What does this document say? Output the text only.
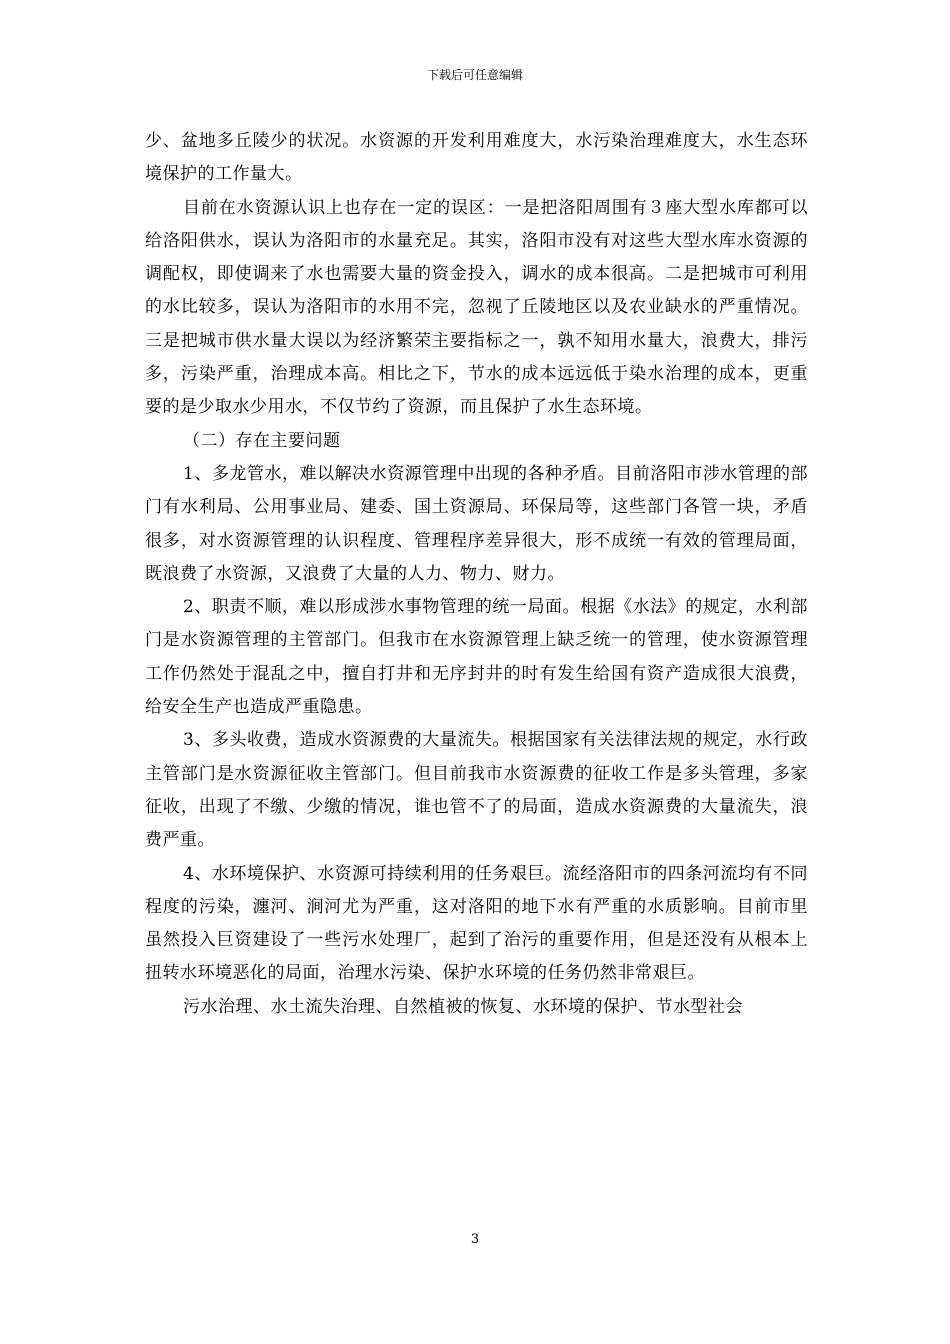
下载后可任意编辑

少、盆地多丘陵少的状况。水资源的开发利用难度大，水污染治理难度大，水生态环境保护的工作量大。

目前在水资源认识上也存在一定的误区：一是把洛阳周围有３座大型水库都可以给洛阳供水，误认为洛阳市的水量充足。其实，洛阳市没有对这些大型水库水资源的调配权，即使调来了水也需要大量的资金投入，调水的成本很高。二是把城市可利用的水比较多，误认为洛阳市的水用不完，忽视了丘陵地区以及农业缺水的严重情况。三是把城市供水量大误以为经济繁荣主要指标之一，孰不知用水量大，浪费大，排污多，污染严重，治理成本高。相比之下，节水的成本远远低于染水治理的成本，更重要的是少取水少用水，不仅节约了资源，而且保护了水生态环境。

（二）存在主要问题

1、多龙管水，难以解决水资源管理中出现的各种矛盾。目前洛阳市涉水管理的部门有水利局、公用事业局、建委、国土资源局、环保局等，这些部门各管一块，矛盾很多，对水资源管理的认识程度、管理程序差异很大，形不成统一有效的管理局面，既浪费了水资源，又浪费了大量的人力、物力、财力。

2、职责不顺，难以形成涉水事物管理的统一局面。根据《水法》的规定，水利部门是水资源管理的主管部门。但我市在水资源管理上缺乏统一的管理，使水资源管理工作仍然处于混乱之中，擅自打井和无序封井的时有发生给国有资产造成很大浪费，给安全生产也造成严重隐患。

3、多头收费，造成水资源费的大量流失。根据国家有关法律法规的规定，水行政主管部门是水资源征收主管部门。但目前我市水资源费的征收工作是多头管理，多家征收，出现了不缴、少缴的情况，谁也管不了的局面，造成水资源费的大量流失，浪费严重。

4、水环境保护、水资源可持续利用的任务艰巨。流经洛阳市的四条河流均有不同程度的污染，瀍河、涧河尤为严重，这对洛阳的地下水有严重的水质影响。目前市里虽然投入巨资建设了一些污水处理厂，起到了治污的重要作用，但是还没有从根本上扭转水环境恶化的局面，治理水污染、保护水环境的任务仍然非常艰巨。

污水治理、水土流失治理、自然植被的恢复、水环境的保护、节水型社会

3
